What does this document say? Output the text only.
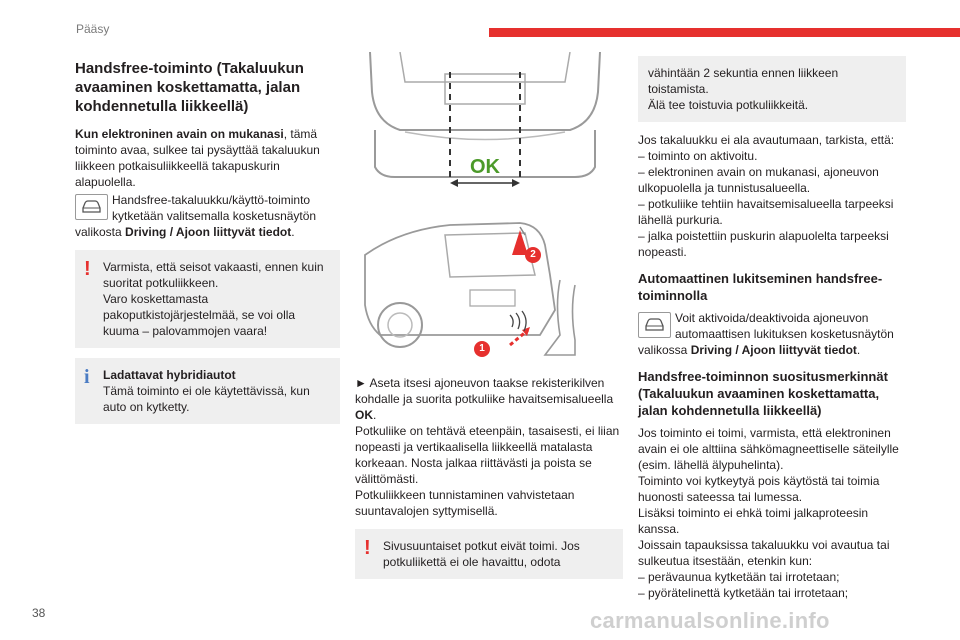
Pääsy
Handsfree-toiminto (Takaluukun avaaminen koskettamatta, jalan kohdennetulla liikkeellä)

Kun elektroninen avain on mukanasi, tämä toiminto avaa, sulkee tai pysäyttää takaluukun liikkeen potkaisuliikkeellä takapuskurin alapuolella.

Handsfree-takaluukku/käyttö-toiminto kytketään valitsemalla kosketusnäytön
valikosta Driving / Ajoon liittyvät tiedot.
! Varmista, että seisot vakaasti, ennen kuin suoritat potkuliikkeen.

Varo koskettamasta pakoputkistojärjestelmää, se voi olla kuuma – palovammojen vaara!

i	Ladattavat hybridiautot

Tämä toiminto ei ole käytettävissä, kun auto on kytketty.

OK
2
1

► Aseta itsesi ajoneuvon taakse rekisterikilven kohdalle ja suorita potkuliike havaitsemisalueella OK.

Potkuliike on tehtävä eteenpäin, tasaisesti, ei liian nopeasti ja vertikaalisella liikkeellä matalasta korkeaan. Nosta jalkaa riittävästi ja poista se välittömästi.

Potkuliikkeen tunnistaminen vahvistetaan suuntavalojen syttymisellä.

! Sivusuuntaiset potkut eivät toimi. Jos potkuliikettä ei ole havaittu, odota

vähintään 2 sekuntia ennen liikkeen toistamista.

Älä tee toistuvia potkuliikkeitä.

Jos takaluukku ei ala avautumaan, tarkista, että:

– toiminto on aktivoitu.

– elektroninen avain on mukanasi, ajoneuvon ulkopuolella ja tunnistusalueella.

– potkuliike tehtiin havaitsemisalueella tarpeeksi lähellä purkuria.

– jalka poistettiin puskurin alapuolelta tarpeeksi nopeasti.

Automaattinen lukitseminen handsfree-toiminnolla
Voit aktivoida/deaktivoida ajoneuvon automaattisen lukituksen kosketusnäytön
valikossa Driving / Ajoon liittyvät tiedot.
Handsfree-toiminnon suositusmerkinnät (Takaluukun avaaminen koskettamatta, jalan kohdennetulla liikkeellä)

Jos toiminto ei toimi, varmista, että elektroninen avain ei ole alttiina sähkömagneettiselle säteilylle (esim. lähellä älypuhelinta).

Toiminto voi kytkeytyä pois käytöstä tai toimia huonosti sateessa tai lumessa.

Lisäksi toiminto ei ehkä toimi jalkaproteesin kanssa.

Joissain tapauksissa takaluukku voi avautua tai sulkeutua itsestään, etenkin kun:

– perävaunua kytketään tai irrotetaan;

– pyörätelinettä kytketään tai irrotetaan;

38	carmanualsonline.info
